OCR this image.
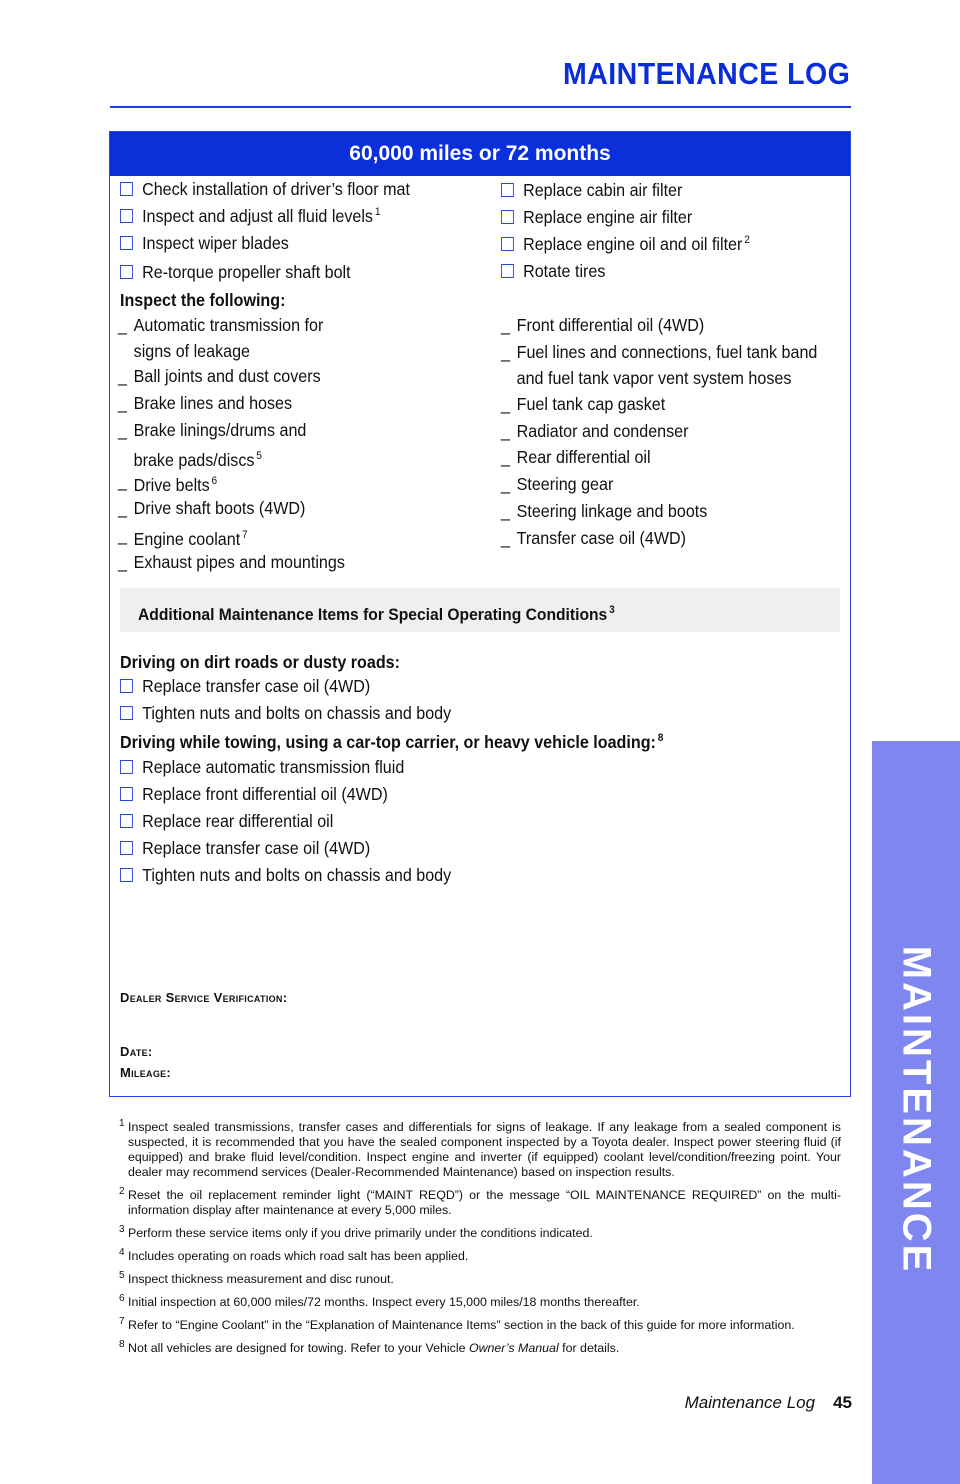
MAINTENANCE LOG
MAINTENANCE
60,000 miles or 72 months
Check installation of driver’s floor mat
Inspect and adjust all fluid levels $^1$
Inspect wiper blades
Re-torque propeller shaft bolt
Replace cabin air filter
Replace engine air filter
Replace engine oil and oil filter $^2$
Rotate tires
Inspect the following:
_ Automatic transmission for
signs of leakage
_ Ball joints and dust covers
_ Brake lines and hoses
_ Brake linings/drums and
brake pads/discs $^5$
_ Drive belts $^6$
_ Drive shaft boots (4WD)
_ Engine coolant $^7$
_ Exhaust pipes and mountings
_ Front differential oil (4WD)
_ Fuel lines and connections, fuel tank band
and fuel tank vapor vent system hoses
_ Fuel tank cap gasket
_ Radiator and condenser
_ Rear differential oil
_ Steering gear
_ Steering linkage and boots
_ Transfer case oil (4WD)
Additional Maintenance Items for Special Operating Conditions $^3$
Driving on dirt roads or dusty roads:
Replace transfer case oil (4WD)
Tighten nuts and bolts on chassis and body
Driving while towing, using a car-top carrier, or heavy vehicle loading: $^8$
Replace automatic transmission fluid
Replace front differential oil (4WD)
Replace rear differential oil
Replace transfer case oil (4WD)
Tighten nuts and bolts on chassis and body
Dealer Service Verification:
Date:
Mileage:
1 Inspect sealed transmissions, transfer cases and differentials for signs of leakage. If any leakage from a sealed component is suspected, it is recommended that you have the sealed component inspected by a Toyota dealer. Inspect power steering fluid (if equipped) and brake fluid level/condition. Inspect engine and inverter (if equipped) coolant level/condition/freezing point. Your dealer may recommend services (Dealer-Recommended Maintenance) based on inspection results.
2 Reset the oil replacement reminder light (“MAINT REQD”) or the message “OIL MAINTENANCE REQUIRED” on the multi-information display after maintenance at every 5,000 miles.
3 Perform these service items only if you drive primarily under the conditions indicated.
4 Includes operating on roads which road salt has been applied.
5 Inspect thickness measurement and disc runout.
6 Initial inspection at 60,000 miles/72 months. Inspect every 15,000 miles/18 months thereafter.
7 Refer to “Engine Coolant” in the “Explanation of Maintenance Items” section in the back of this guide for more information.
8 Not all vehicles are designed for towing. Refer to your Vehicle Owner’s Manual for details.
Maintenance Log 45
